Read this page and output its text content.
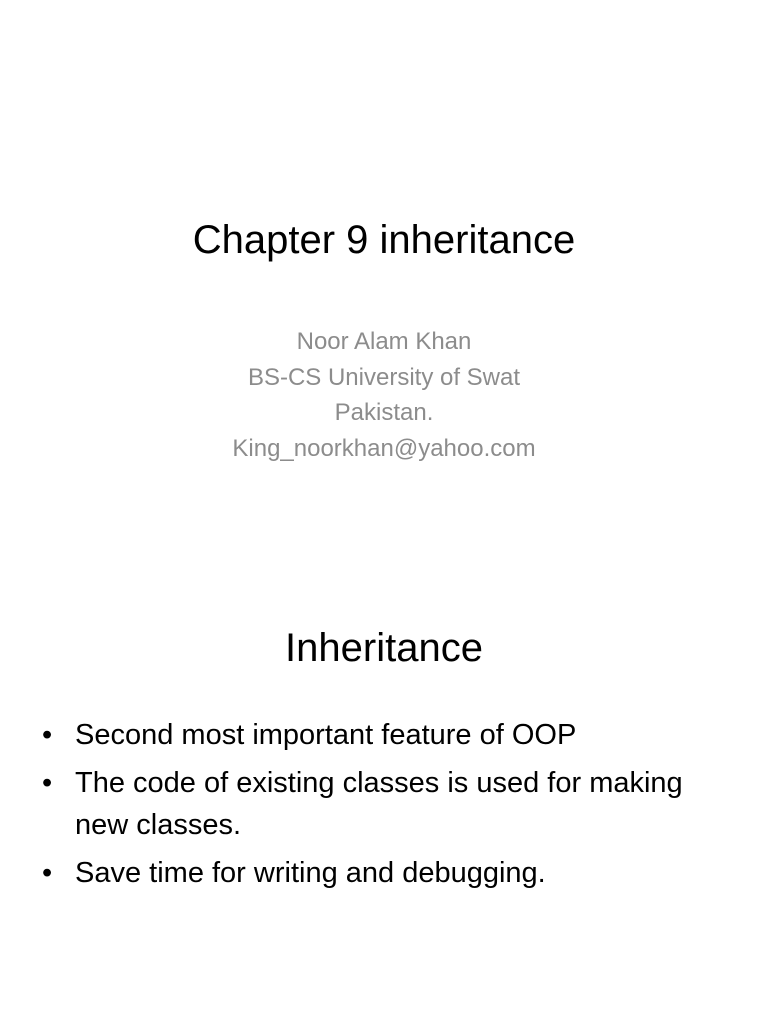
Chapter 9 inheritance
Noor Alam Khan
BS-CS University of Swat
Pakistan.
King_noorkhan@yahoo.com
Inheritance
• Second most important feature of OOP
• The code of existing classes is used for making new classes.
• Save time for writing and debugging.
